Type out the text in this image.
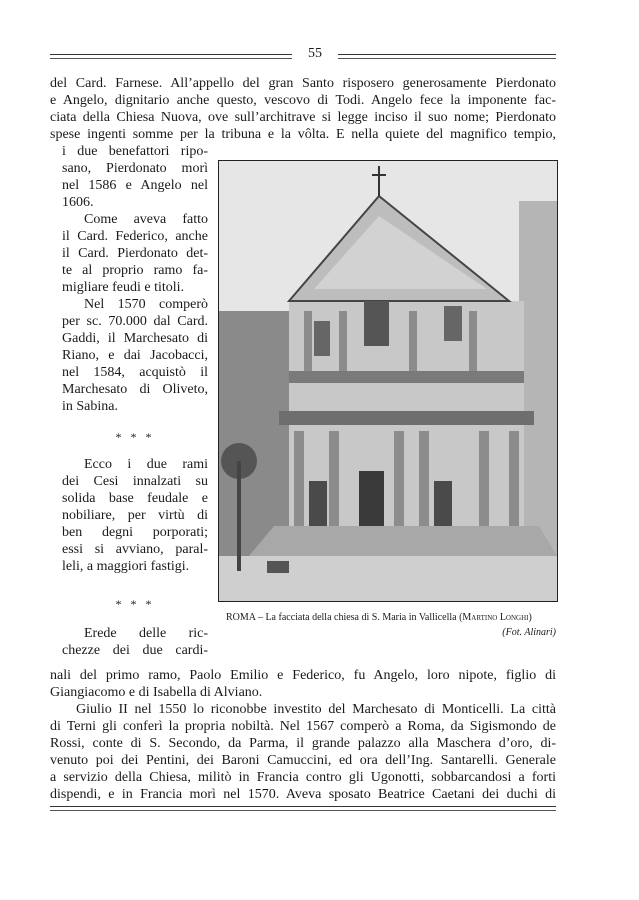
55
del Card. Farnese. All’appello del gran Santo risposero generosamente Pierdonato
e Angelo, dignitario anche questo, vescovo di Todi. Angelo fece la imponente fac-
ciata della Chiesa Nuova, ove sull’architrave si legge inciso il suo nome; Pierdonato
spese ingenti somme per la tribuna e la vôlta. E nella quiete del magnifico tempio,
i due benefattori ripo-
sano, Pierdonato morì
nel 1586 e Angelo nel
1606.
Come aveva fatto
il Card. Federico, anche
il Card. Pierdonato det-
te al proprio ramo fa-
migliare feudi e titoli.
Nel 1570 comperò
per sc. 70.000 dal Card.
Gaddi, il Marchesato di
Riano, e dai Jacobacci,
nel 1584, acquistò il
Marchesato di Oliveto,
in Sabina.
Ecco i due rami
dei Cesi innalzati su
solida base feudale e
nobiliare, per virtù di
ben degni porporati;
essi si avviano, paral-
leli, a maggiori fastigi.
Erede delle ric-
chezze dei due cardi-
* * *
* * *
nali del primo ramo, Paolo Emilio e Federico, fu Angelo, loro nipote, figlio di
Giangiacomo e di Isabella di Alviano.
Giulio II nel 1550 lo riconobbe investito del Marchesato di Monticelli. La città
di Terni gli conferì la propria nobiltà. Nel 1567 comperò a Roma, da Sigismondo de
Rossi, conte di S. Secondo, da Parma, il grande palazzo alla Maschera d’oro, di-
venuto poi dei Pentini, dei Baroni Camuccini, ed ora dell’Ing. Santarelli. Generale
a servizio della Chiesa, militò in Francia contro gli Ugonotti, sobbarcandosi a forti
dispendi, e in Francia morì nel 1570. Aveva sposato Beatrice Caetani dei duchi di
ROMA – La facciata della chiesa di S. Maria in Vallicella (Martino Longhi)
(Fot. Alinari)
